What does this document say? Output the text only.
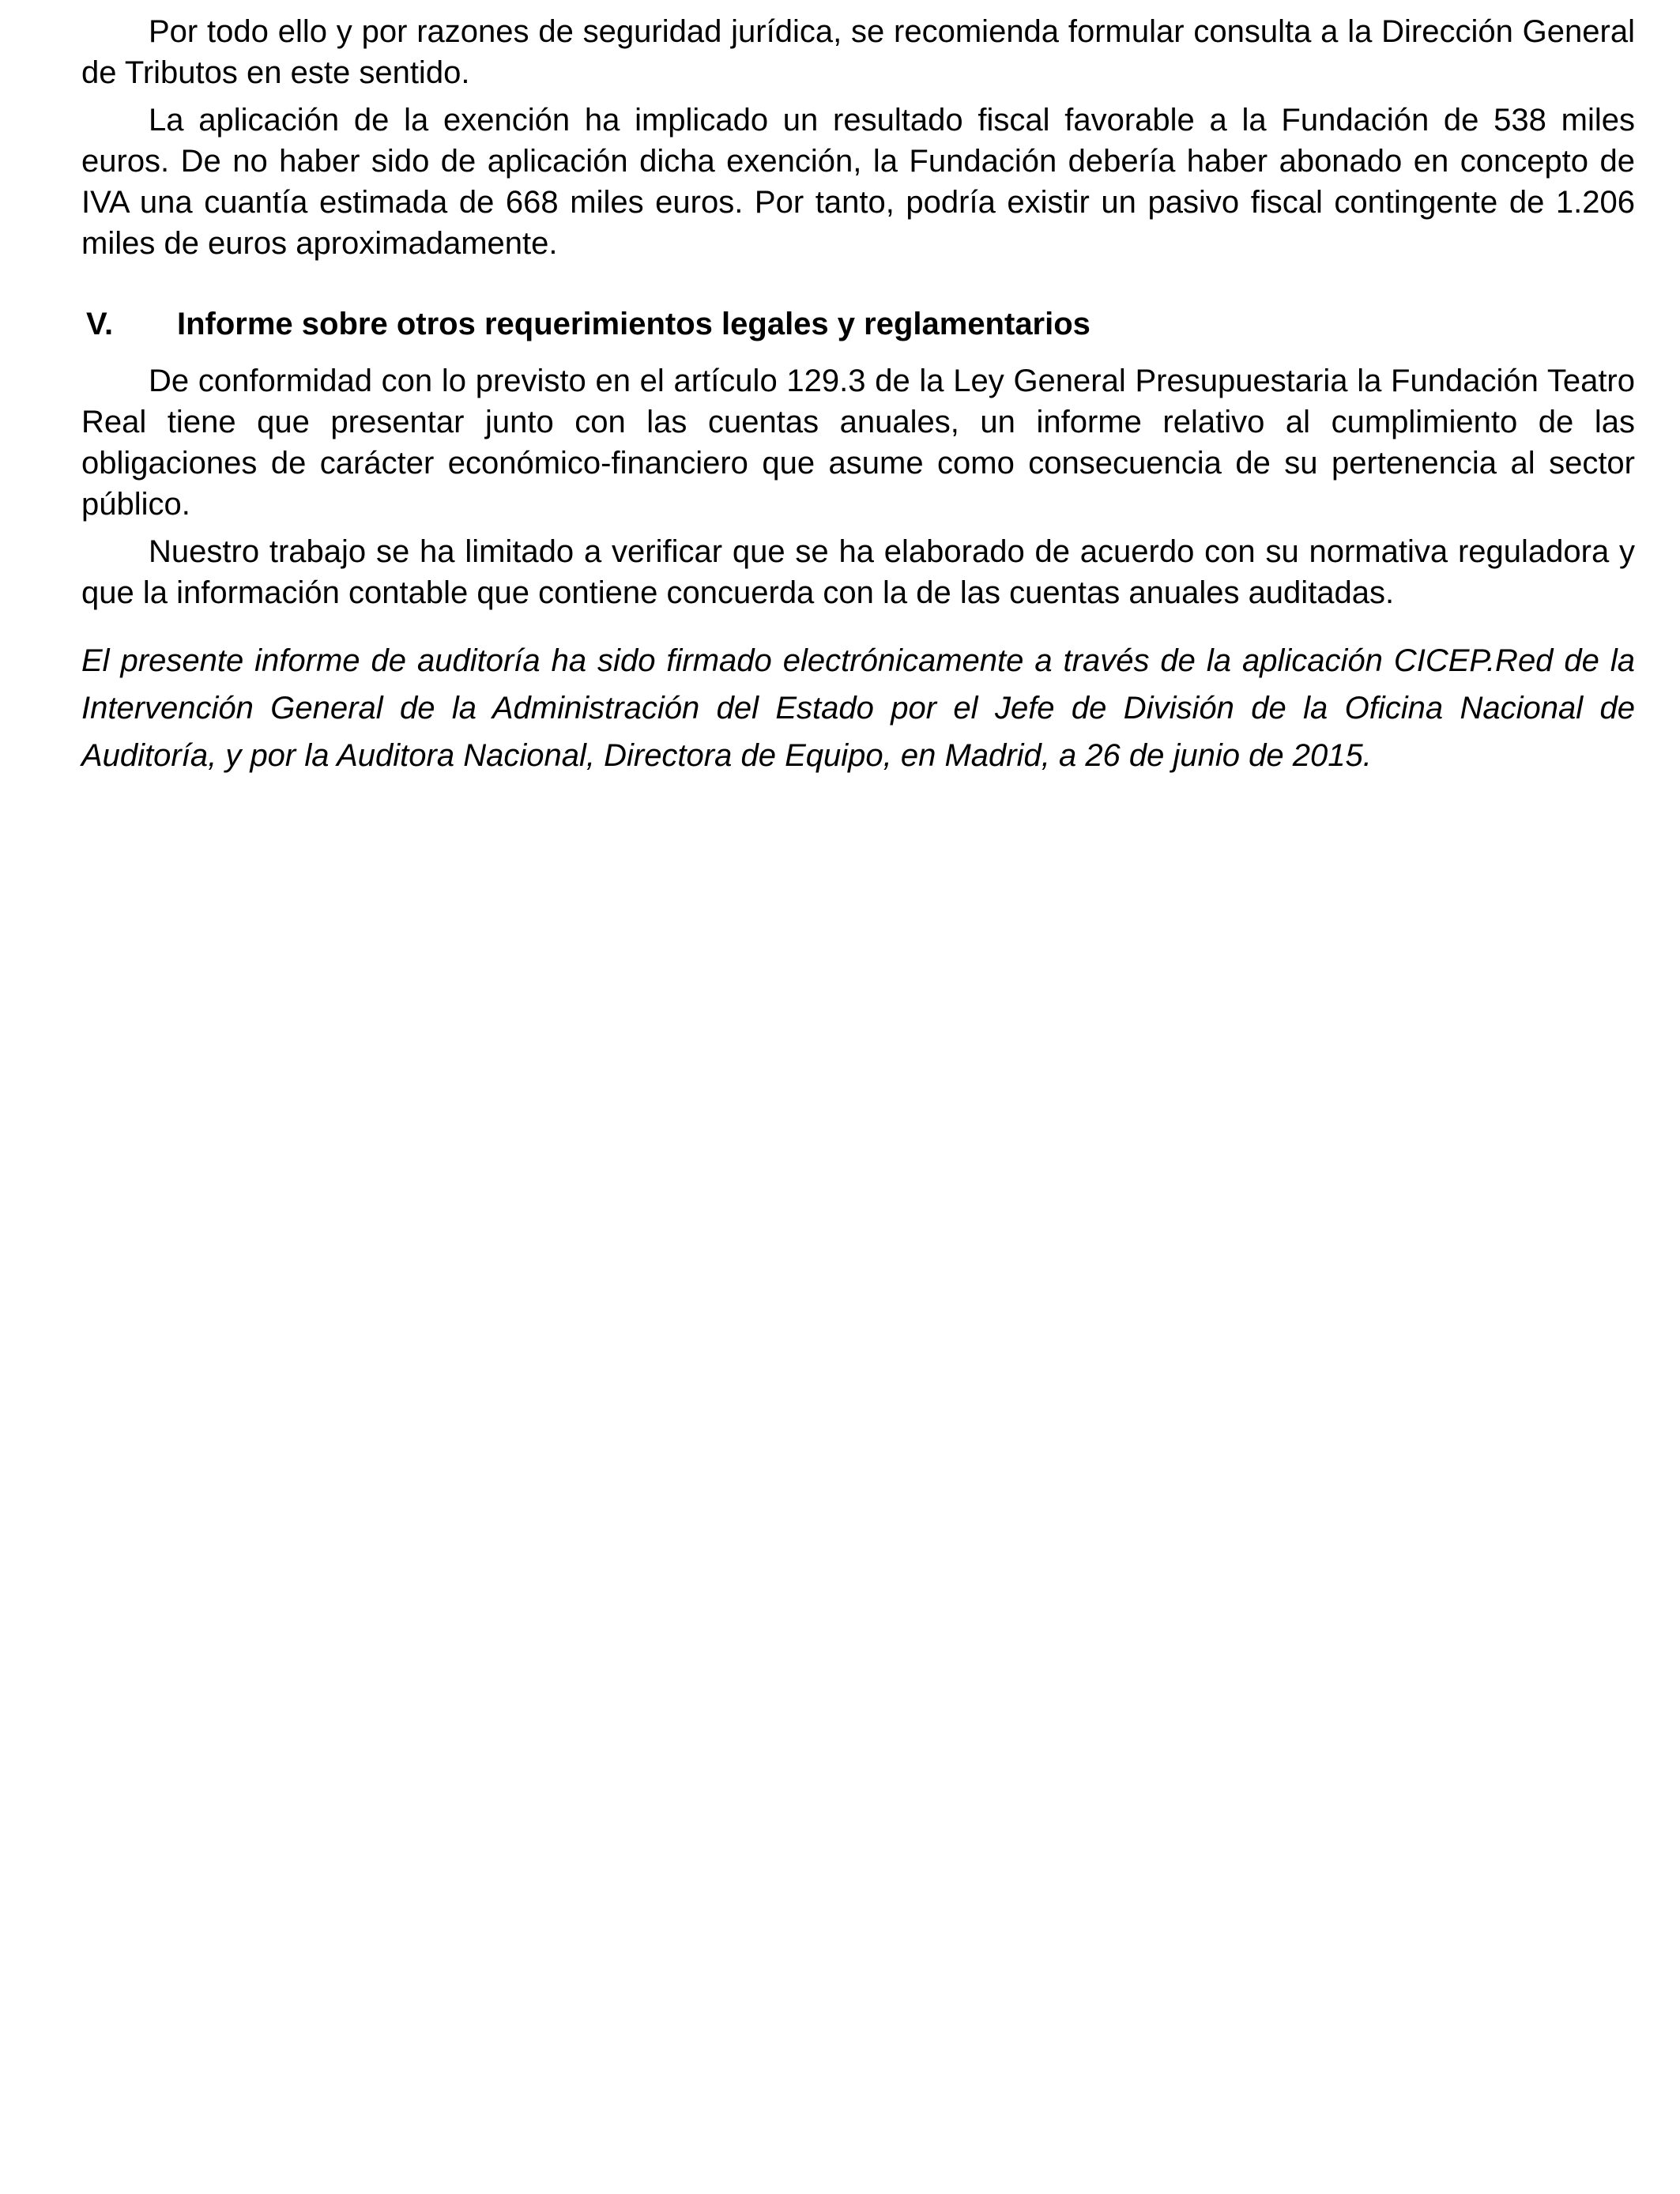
Por todo ello y por razones de seguridad jurídica, se recomienda formular consulta a la Dirección General de Tributos en este sentido.

La aplicación de la exención ha implicado un resultado fiscal favorable a la Fundación de 538 miles euros. De no haber sido de aplicación dicha exención, la Fundación debería haber abonado en concepto de IVA una cuantía estimada de 668 miles euros. Por tanto, podría existir un pasivo fiscal contingente de 1.206 miles de euros aproximadamente.

V.	Informe sobre otros requerimientos legales y reglamentarios

De conformidad con lo previsto en el artículo 129.3 de la Ley General Presupuestaria la Fundación Teatro Real tiene que presentar junto con las cuentas anuales, un informe relativo al cumplimiento de las obligaciones de carácter económico-financiero que asume como consecuencia de su pertenencia al sector público.

Nuestro trabajo se ha limitado a verificar que se ha elaborado de acuerdo con su normativa reguladora y que la información contable que contiene concuerda con la de las cuentas anuales auditadas.

El presente informe de auditoría ha sido firmado electrónicamente a través de la aplicación CICEP.Red de la Intervención General de la Administración del Estado por el Jefe de División de la Oficina Nacional de Auditoría, y por la Auditora Nacional, Directora de Equipo, en Madrid, a 26 de junio de 2015.
